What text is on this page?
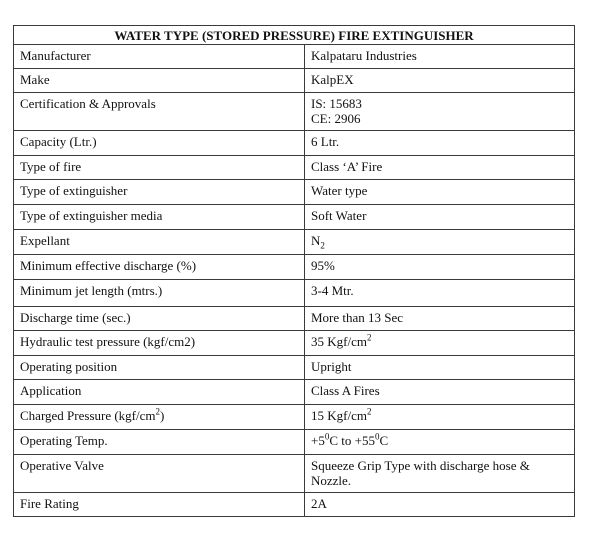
WATER TYPE (STORED PRESSURE) FIRE EXTINGUISHER	
Manufacturer	Kalpataru Industries
Make	KalpEX
Certification & Approvals	IS: 15683
CE: 2906

Capacity (Ltr.)	6 Ltr.
Type of fire	Class ‘A’ Fire
Type of extinguisher	Water type
Type of extinguisher media	Soft Water
Expellant	$N_2$
Minimum effective discharge (%)	95%
Minimum jet length (mtrs.)	3-4 Mtr.
Discharge time (sec.)	More than 13 Sec
Hydraulic test pressure (kgf/cm2)	35 Kgf/$cm^2$
Operating position	Upright
Application	Class A Fires
Charged Pressure $(kgf/cm^2)$	15 Kgf/$cm^2$
Operating Temp.	$+5^0C$ to $+55^0C$
Operative Valve	Squeeze Grip Type with discharge hose &
Nozzle.

Fire Rating	2A
